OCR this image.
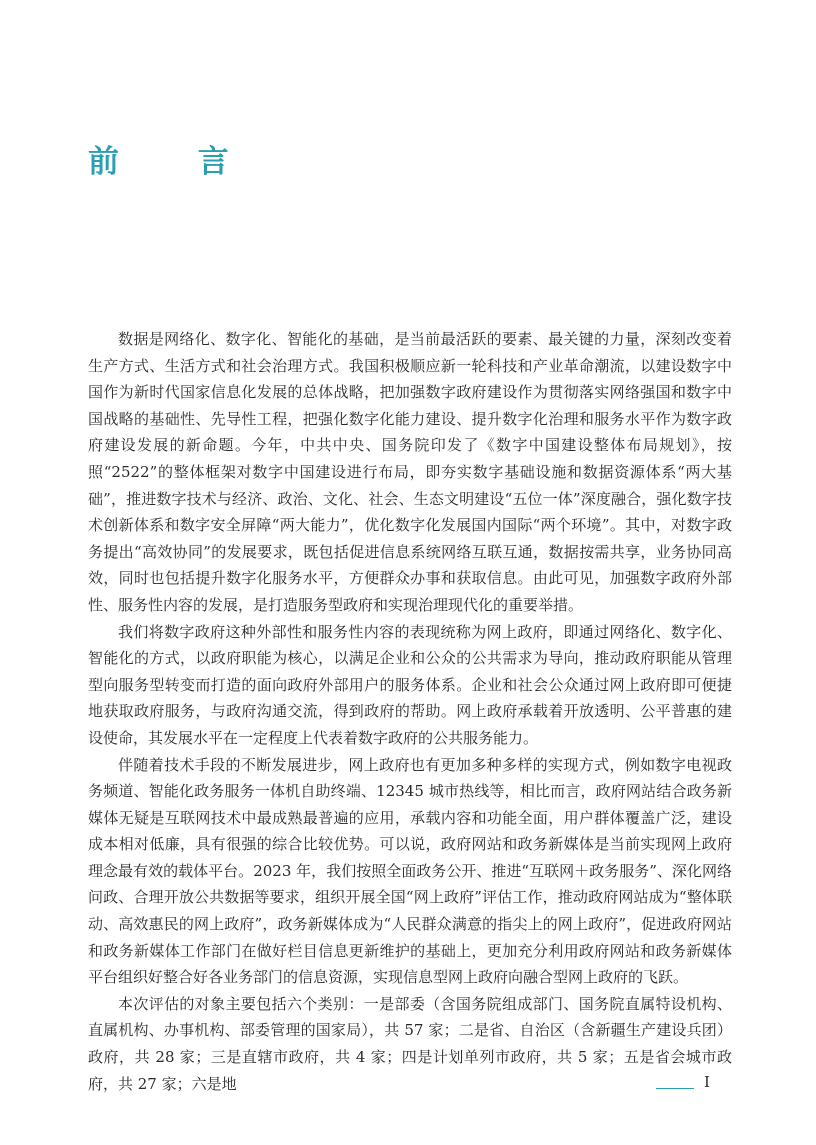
前 言

数据是网络化、数字化、智能化的基础，是当前最活跃的要素、最关键的力量，深刻改变着生产方式、生活方式和社会治理方式。我国积极顺应新一轮科技和产业革命潮流，以建设数字中国作为新时代国家信息化发展的总体战略，把加强数字政府建设作为贯彻落实网络强国和数字中国战略的基础性、先导性工程，把强化数字化能力建设、提升数字化治理和服务水平作为数字政府建设发展的新命题。今年，中共中央、国务院印发了《数字中国建设整体布局规划》，按照“2522”的整体框架对数字中国建设进行布局，即夯实数字基础设施和数据资源体系“两大基础”，推进数字技术与经济、政治、文化、社会、生态文明建设“五位一体”深度融合，强化数字技术创新体系和数字安全屏障“两大能力”，优化数字化发展国内国际“两个环境”。其中，对数字政务提出“高效协同”的发展要求，既包括促进信息系统网络互联互通，数据按需共享，业务协同高效，同时也包括提升数字化服务水平，方便群众办事和获取信息。由此可见，加强数字政府外部性、服务性内容的发展，是打造服务型政府和实现治理现代化的重要举措。

我们将数字政府这种外部性和服务性内容的表现统称为网上政府，即通过网络化、数字化、智能化的方式，以政府职能为核心，以满足企业和公众的公共需求为导向，推动政府职能从管理型向服务型转变而打造的面向政府外部用户的服务体系。企业和社会公众通过网上政府即可便捷地获取政府服务，与政府沟通交流，得到政府的帮助。网上政府承载着开放透明、公平普惠的建设使命，其发展水平在一定程度上代表着数字政府的公共服务能力。

伴随着技术手段的不断发展进步，网上政府也有更加多种多样的实现方式，例如数字电视政务频道、智能化政务服务一体机自助终端、12345 城市热线等，相比而言，政府网站结合政务新媒体无疑是互联网技术中最成熟最普遍的应用，承载内容和功能全面，用户群体覆盖广泛，建设成本相对低廉，具有很强的综合比较优势。可以说，政府网站和政务新媒体是当前实现网上政府理念最有效的载体平台。2023 年，我们按照全面政务公开、推进“互联网＋政务服务”、深化网络问政、合理开放公共数据等要求，组织开展全国“网上政府”评估工作，推动政府网站成为“整体联动、高效惠民的网上政府”，政务新媒体成为“人民群众满意的指尖上的网上政府”，促进政府网站和政务新媒体工作部门在做好栏目信息更新维护的基础上，更加充分利用政府网站和政务新媒体平台组织好整合好各业务部门的信息资源，实现信息型网上政府向融合型网上政府的飞跃。

本次评估的对象主要包括六个类别：一是部委（含国务院组成部门、国务院直属特设机构、直属机构、办事机构、部委管理的国家局），共 57 家；二是省、自治区（含新疆生产建设兵团）政府，共 28 家；三是直辖市政府，共 4 家；四是计划单列市政府，共 5 家；五是省会城市政府，共 27 家；六是地	I
